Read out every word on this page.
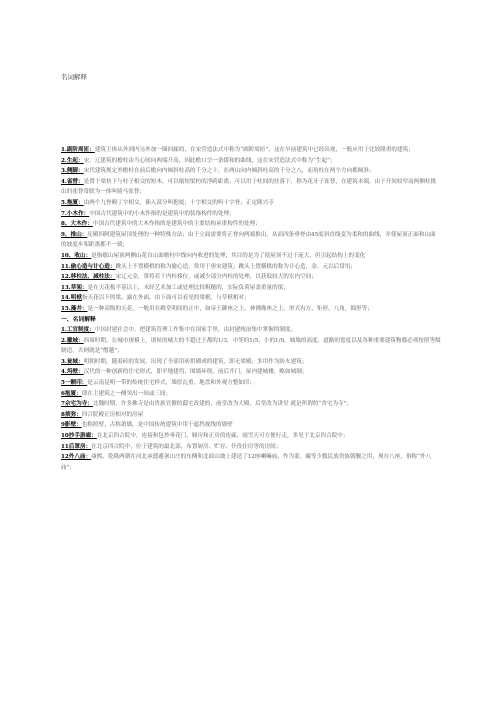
名词解释
1.副阶周匝：建筑主体从外到内另外加一圈回廊的，在宋营造法式中称为“副阶周匝”，这在早前建筑中已经出现，一般应用于比较隆重的建筑；
2.生起：宋、辽建筑的檐柱由当心间向两端升高，因此檐口呈一条缓和的曲线，这在宋营造法式中称为“生起”；
3.侧脚：宋代建筑规定外檐柱在前后檐向内倾斜柱高的千分之十，在两山向内倾斜柱高的千分之八，而角柱在两个方向都倾斜；
4.雀替：是置于梁枋下与柱子相交的短木，可以缩短梁枋的净跨距离；可以用于柱间的挂落下，称为花牙子雀替，在建筑末端，由于开间较窄而两侧柱挑出的雀替常联为一体叫骑马雀替；
5.拖厦：由两个九脊殿丁字相交，插入部分叫抱厦；十字相交的叫十字脊；正定隆兴寺
7.小木作：中国古代建筑中的小木作指的是建筑中的装饰构件的处理；
8、大木作：中国古代建筑中的大木作指的是建筑中的主要结构承重构件的处理；
9、推山：庑殿四阿建筑屋顶处理的一种特殊方法；由于立面需要将正脊向两端推出，从而四条垂脊由45度斜直线变为柔和的曲线，并使屋顶正面和山面的坡度步架距离都不一致；
10、收山：是指歇山屋顶两侧山花自山面檐柱中线向内收进的处理；其目的是为了使屋顶不过于庞大，但引起结构上的变化
11.偷心造与计心造：跳头上不置横栱的称为偷心造，常用于唐宋建筑；跳头上置横栱的称为计心造，金、元以后常用；
12.移柱法、减柱法：宋辽元金，常将若干内柱移位，或减少部分内柱的处理，以获取较大的室内空间；
13.草架：是在天花板平基以上，未经艺术加工或处理比较粗糙的，实际负荷屋盖重量的梁；
14.明栿指天花以下的梁，露在外面，由下面可以看见的梁栿，与草栿相对；
15.藻井：是一种高级的天花，一般用在殿堂明间的正中，如帝王御座之上，神佛像座之上，形式有方，矩形，八角，圆形等；
一、名词解释
1.工官制度：中国封建社会中，把建筑管理工作集中在国家手里，由封建统治集中掌握的制度；
2.徽城：西周时期，在城市规模上，诸侯的城大的不超过王都的1/3，中等的1/5，小的1/9，城墙的高度、道路的宽度以及各种重要建筑物都必须按照等级制造，否则就是“僭越”；
3.瓮城：明朝时期，随着砖的发展，出现了全部用砖拱砌成的建筑，即无梁殿，多用作为防火建筑；
4.坞壁：汉代的一种创新的住宅形式，即平地建坞，围墙环绕，前后开门，屋内建城楼，略如城制；
5一颗印：是云南昆明一带的传统住宅样式，墙厚瓦重，地盘和外观方整如印；
6抱厦：即在主建筑之一侧突出一间或三间；
7佘宅为寺：北魏时期，许多佛寺是由贵族官僚的邸宅改建的，前堂改为大殿，后堂改为讲堂 就是所谓的“舍宅为寺”；
8须弥：四合院殿正房相对的房屋
9影壁：也称照壁，古称萧墙，是中国传统建筑中用于遮挡视线的墙壁
10抄手游廊：在北京四合院中，连接和包抄垂花门、厢房和正房的连廊，雨雪天可方便行走，多见于北京四合院中；
11后罩房：在北京四合院中，位于建筑的最北部，布置厨房、贮存、仆役住房等的房间；
12外八庙：康熙、乾隆两朝在河北承德避暑山庄的东侧和北面山坡上建造了12座喇嘛庙，作为蒙、藏等少数民族贵族朝觐之用，现存八座，俗称“外八庙”；
